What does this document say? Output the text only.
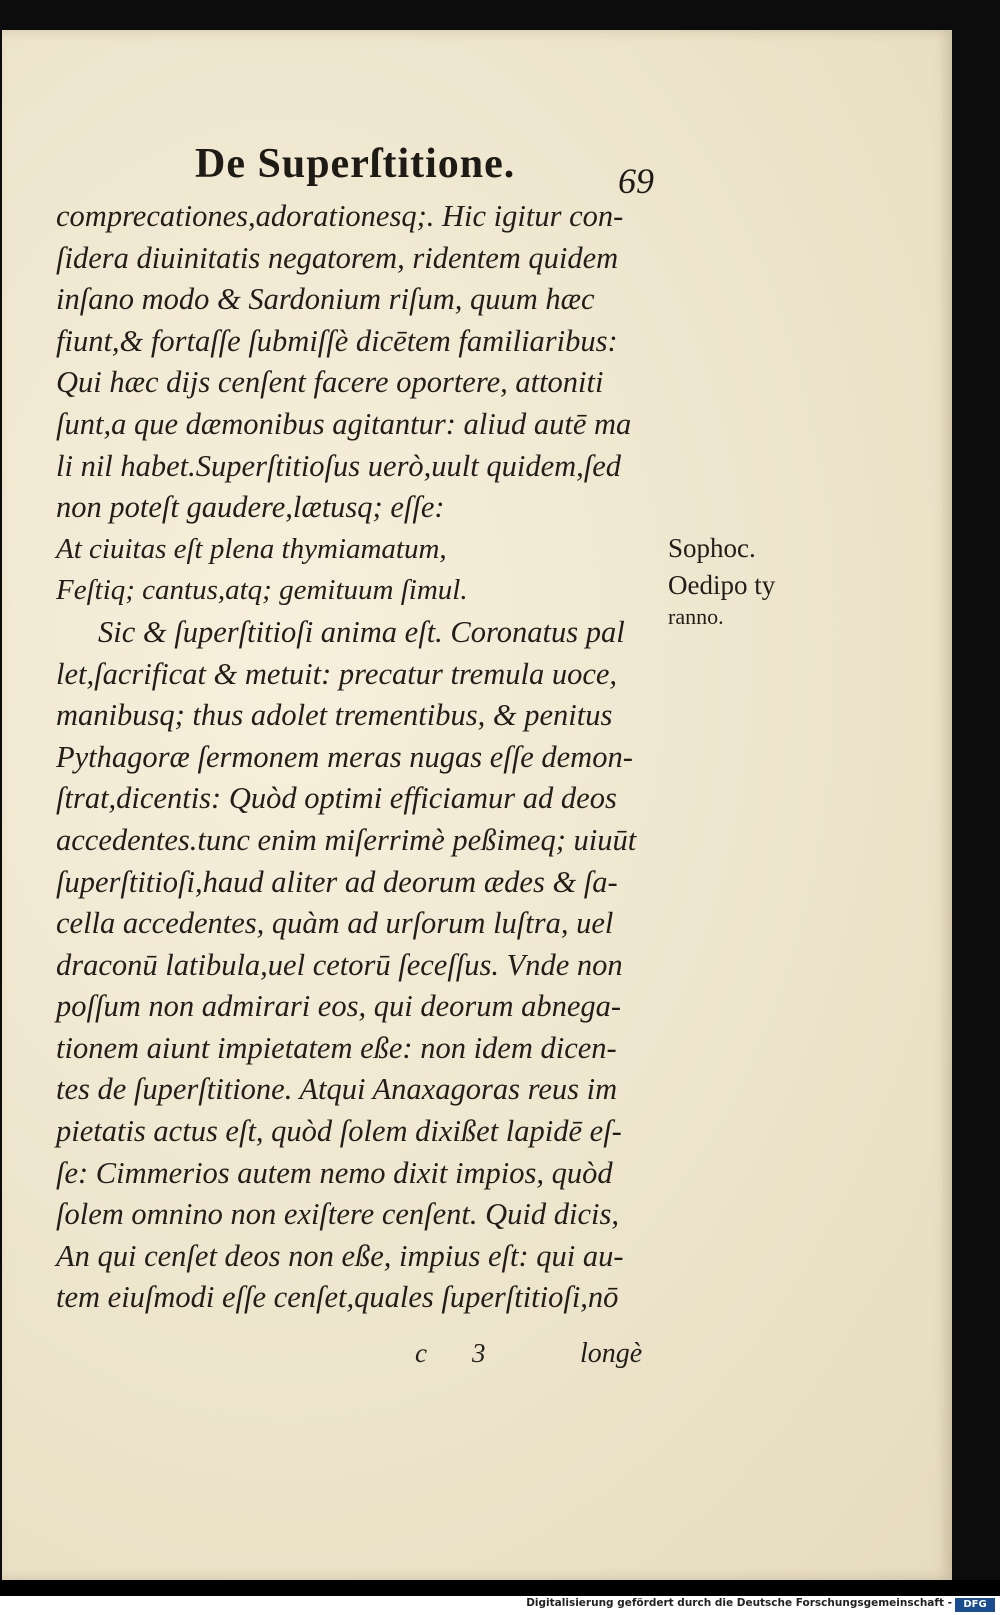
De Superſtitione.	69

comprecationes,adorationesq;. Hic igitur con-
ſidera diuinitatis negatorem, ridentem quidem
inſano modo & Sardonium riſum, quum hæc
fiunt,& fortaſſe ſubmiſſè dicētem familiaribus:
Qui hæc dijs cenſent facere oportere, attoniti
ſunt,a que dæmonibus agitantur: aliud autē ma
li nil habet.Superſtitioſus uerò,uult quidem,ſed
non poteſt gaudere,lætusq; eſſe:
At ciuitas eſt plena thymiamatum,
Feſtiq; cantus,atq; gemituum ſimul.
Sic & ſuperſtitioſi anima eſt. Coronatus pal
let,ſacrificat & metuit: precatur tremula uoce,
manibusq; thus adolet trementibus, & penitus
Pythagoræ ſermonem meras nugas eſſe demon-
ſtrat,dicentis: Quòd optimi efficiamur ad deos
accedentes.tunc enim miſerrimè peßimeq; uiuūt
ſuperſtitioſi,haud aliter ad deorum ædes & ſa-
cella accedentes, quàm ad urſorum luſtra, uel
draconū latibula,uel cetorū ſeceſſus. Vnde non
poſſum non admirari eos, qui deorum abnega-
tionem aiunt impietatem eße: non idem dicen-
tes de ſuperſtitione. Atqui Anaxagoras reus im
pietatis actus eſt, quòd ſolem dixißet lapidē eſ-
ſe: Cimmerios autem nemo dixit impios, quòd
ſolem omnino non exiſtere cenſent. Quid dicis,
An qui cenſet deos non eße, impius eſt: qui au-
tem eiuſmodi eſſe cenſet,quales ſuperſtitioſi,nō
Sophoc.
Oedipo ty
ranno.

c 3	longè

Digitalisierung gefördert durch die Deutsche Forschungsgemeinschaft -	DFG
